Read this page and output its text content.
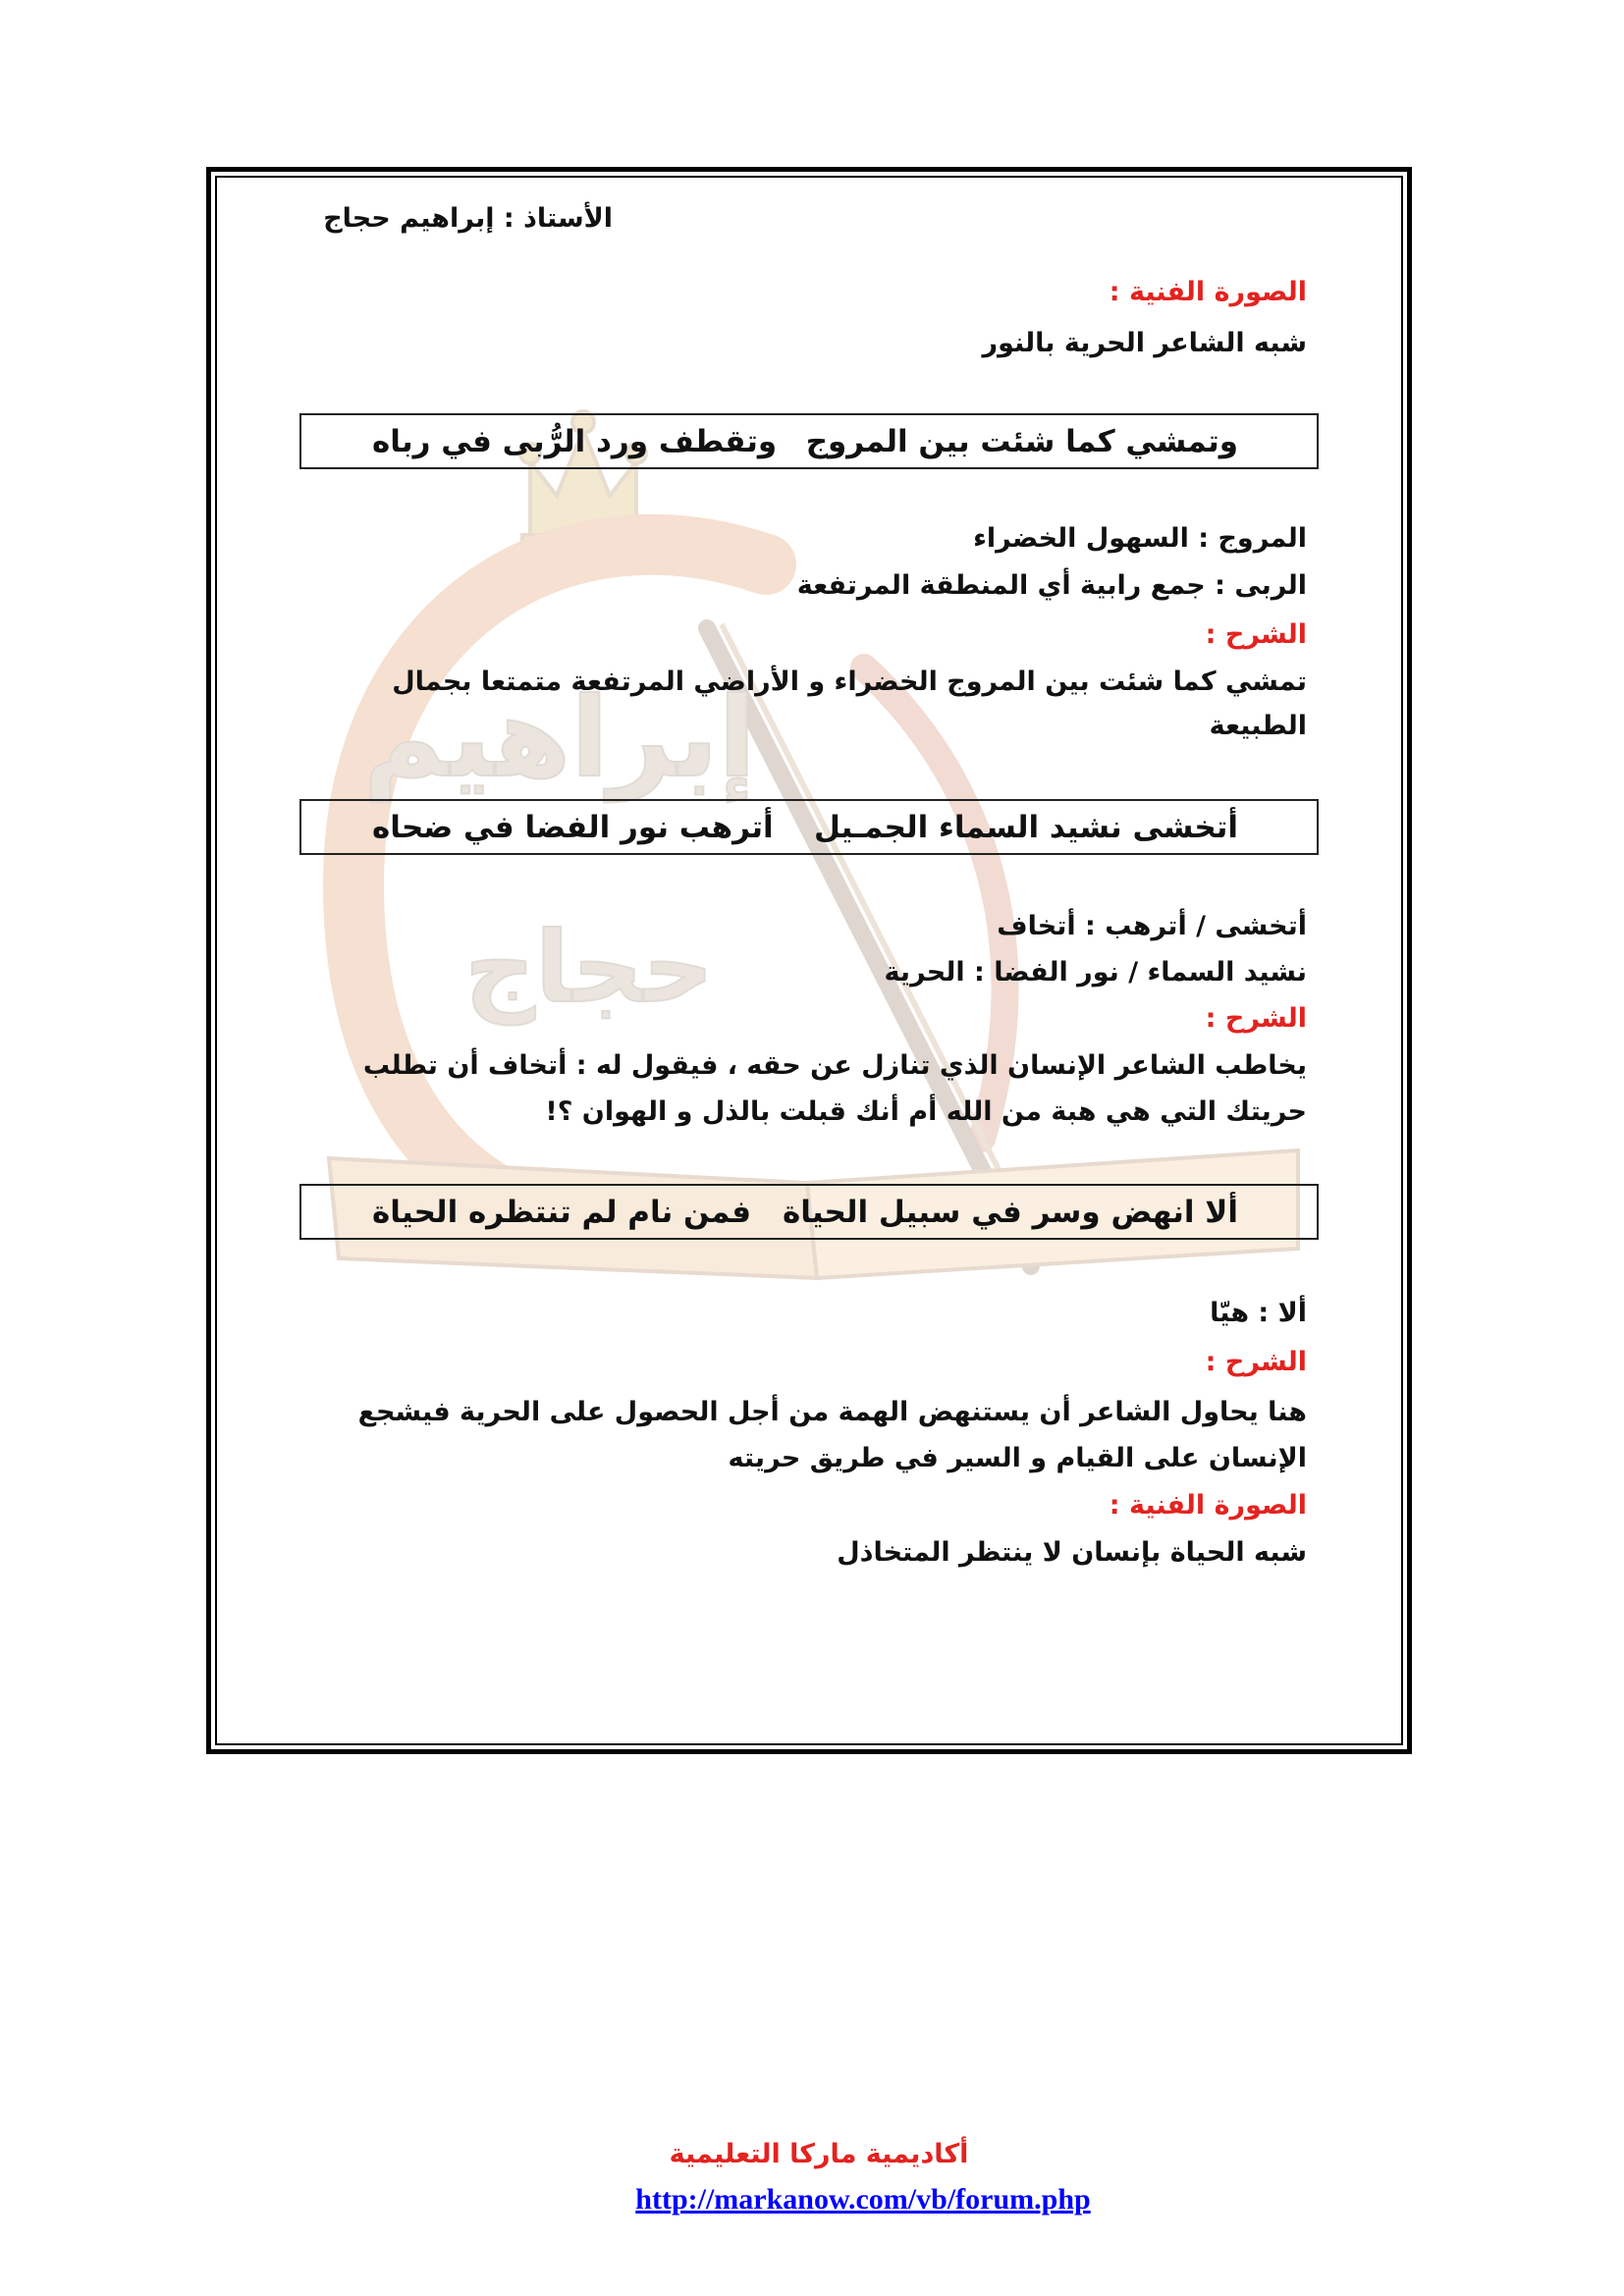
إبراهيم
حجاج
الأستاذ : إبراهيم حجاج
الصورة الفنية :
شبه الشاعر الحرية بالنور
وتمشي كما شئت بين المروج
وتقطف ورد الرُّبى في رباه
المروج : السهول الخضراء
الربى : جمع رابية أي المنطقة المرتفعة
الشرح :
تمشي كما شئت بين المروج الخضراء و الأراضي المرتفعة متمتعا بجمال
الطبيعة
أتخشى نشيد السماء الجمـيل
أترهب نور الفضا في ضحاه
أتخشى / أترهب : أتخاف
نشيد السماء / نور الفضا : الحرية
الشرح :
يخاطب الشاعر الإنسان الذي تنازل عن حقه ، فيقول له : أتخاف أن تطلب
حريتك التي هي هبة من الله أم أنك قبلت بالذل و الهوان ؟!
ألا انهض وسر في سبيل الحياة
فمن نام لم تنتظره الحياة
ألا : هيّا
الشرح :
هنا يحاول الشاعر أن يستنهض الهمة من أجل الحصول على الحرية فيشجع
الإنسان على القيام و السير في طريق حريته
الصورة الفنية :
شبه الحياة بإنسان لا ينتظر المتخاذل
أكاديمية ماركا التعليمية
http://markanow.com/vb/forum.php
